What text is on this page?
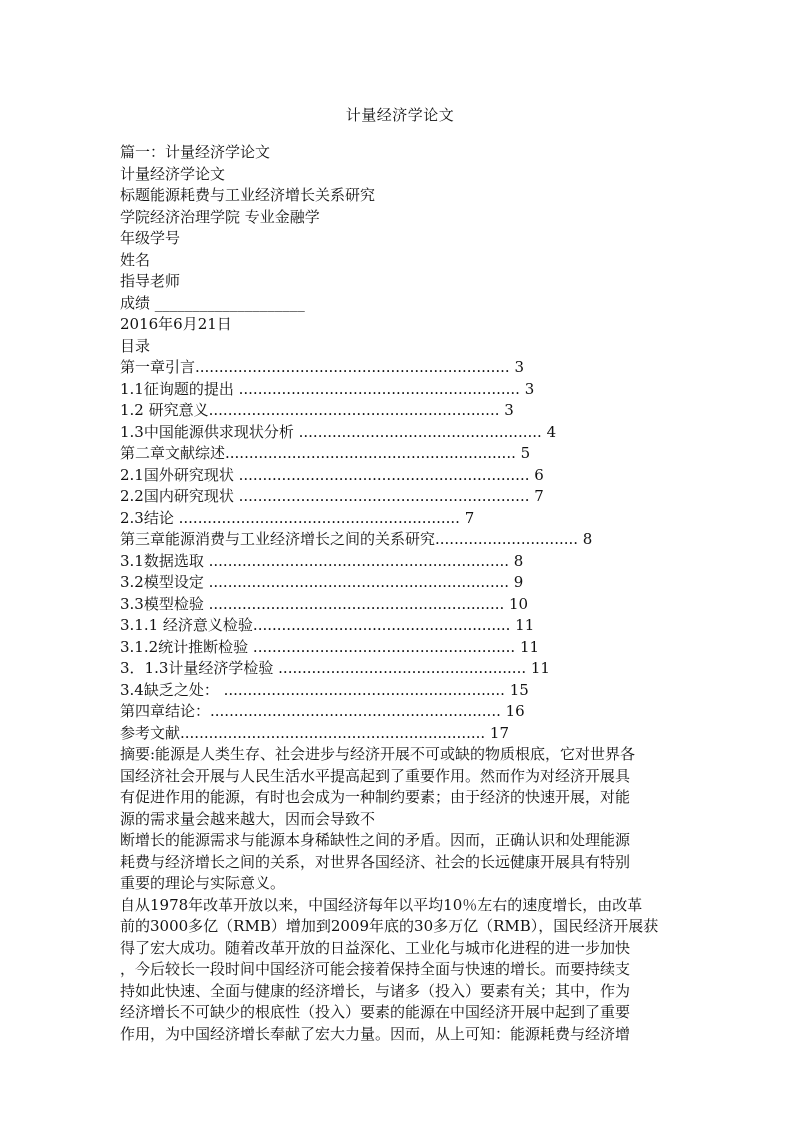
计量经济学论文
篇一：计量经济学论文
计量经济学论文
标题能源耗费与工业经济增长关系研究
学院经济治理学院 专业金融学
年级学号
姓名
指导老师
成绩 ____________________
2016年6月21日
目录
第一章引言.................................................................. 3
1.1征询题的提出 ........................................................... 3
1.2 研究意义............................................................. 3
1.3中国能源供求现状分析 ................................................... 4
第二章文献综述............................................................. 5
2.1国外研究现状 ............................................................. 6
2.2国内研究现状 ............................................................. 7
2.3结论 ........................................................... 7
第三章能源消费与工业经济增长之间的关系研究.............................. 8
3.1数据选取 ............................................................... 8
3.2模型设定 ............................................................... 9
3.3模型检验 .............................................................. 10
3.1.1 经济意义检验...................................................... 11
3.1.2统计推断检验 ....................................................... 11
3．1.3计量经济学检验 .................................................... 11
3.4缺乏之处： ........................................................... 15
第四章结论：............................................................. 16
参考文献................................................................ 17
摘要:能源是人类生存、社会进步与经济开展不可或缺的物质根底，它对世界各
国经济社会开展与人民生活水平提高起到了重要作用。然而作为对经济开展具
有促进作用的能源，有时也会成为一种制约要素；由于经济的快速开展，对能
源的需求量会越来越大，因而会导致不
断增长的能源需求与能源本身稀缺性之间的矛盾。因而，正确认识和处理能源
耗费与经济增长之间的关系，对世界各国经济、社会的长远健康开展具有特别
重要的理论与实际意义。
自从1978年改革开放以来，中国经济每年以平均10％左右的速度增长，由改革
前的3000多亿（RMB）增加到2009年底的30多万亿（RMB），国民经济开展获
得了宏大成功。随着改革开放的日益深化、工业化与城市化进程的进一步加快
，今后较长一段时间中国经济可能会接着保持全面与快速的增长。而要持续支
持如此快速、全面与健康的经济增长，与诸多（投入）要素有关；其中，作为
经济增长不可缺少的根底性（投入）要素的能源在中国经济开展中起到了重要
作用，为中国经济增长奉献了宏大力量。因而，从上可知：能源耗费与经济增
